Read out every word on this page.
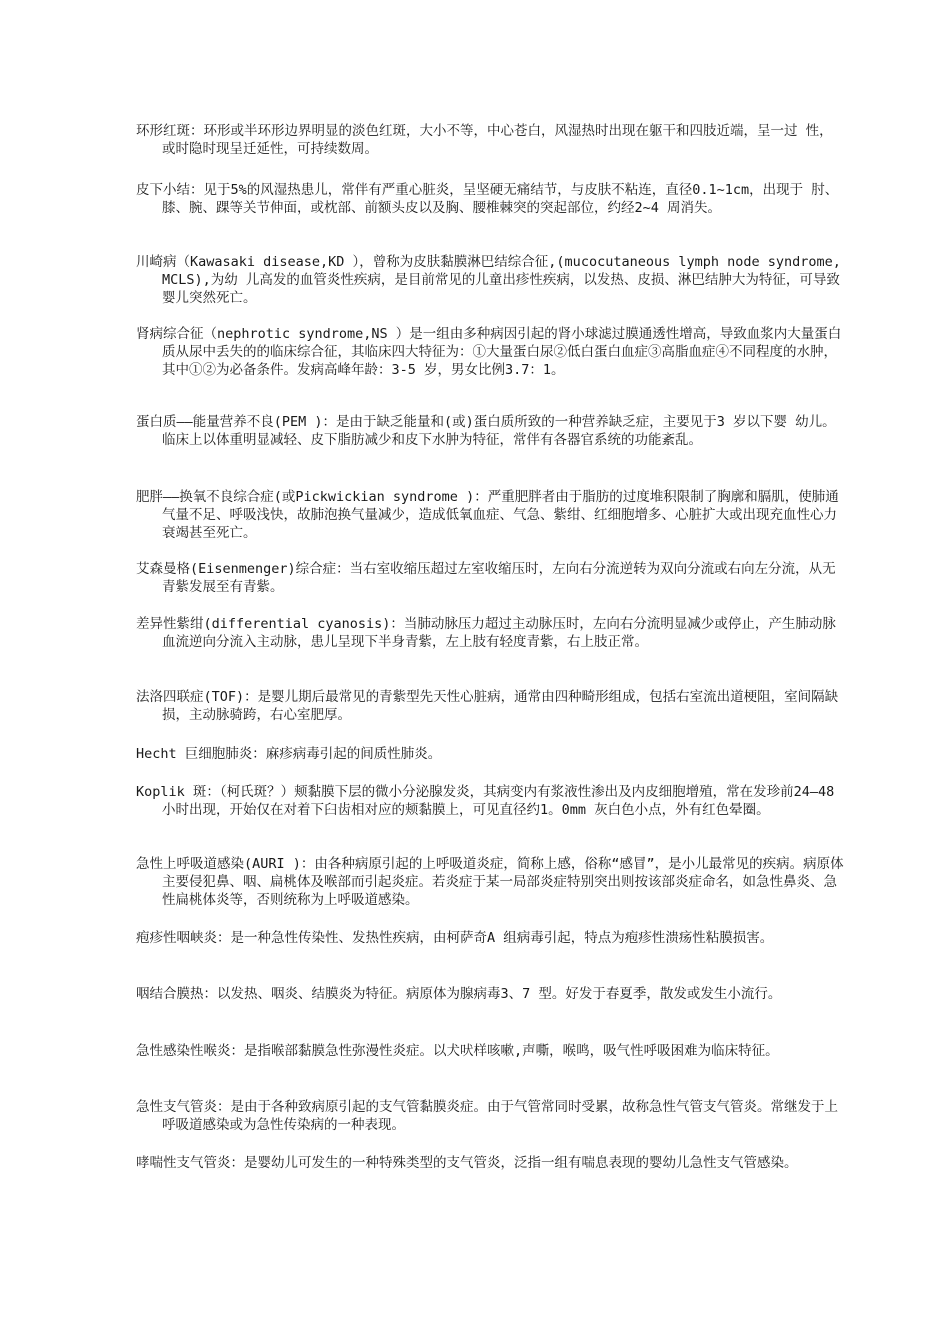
环形红斑：环形或半环形边界明显的淡色红斑，大小不等，中心苍白，风湿热时出现在躯干和四肢近端，呈一过 性，或时隐时现呈迁延性，可持续数周。

皮下小结：见于5%的风湿热患儿，常伴有严重心脏炎，呈坚硬无痛结节，与皮肤不粘连，直径0.1~1cm，出现于 肘、膝、腕、踝等关节伸面，或枕部、前额头皮以及胸、腰椎棘突的突起部位，约经2~4 周消失。

川崎病（Kawasaki disease,KD ），曾称为皮肤黏膜淋巴结综合征,(mucocutaneous lymph node syndrome,MCLS),为幼 儿高发的血管炎性疾病，是目前常见的儿童出疹性疾病，以发热、皮损、淋巴结肿大为特征，可导致婴儿突然死亡。

肾病综合征（nephrotic syndrome,NS ）是一组由多种病因引起的肾小球滤过膜通透性增高，导致血浆内大量蛋白质从尿中丢失的的临床综合征，其临床四大特征为：①大量蛋白尿②低白蛋白血症③高脂血症④不同程度的水肿，其中①②为必备条件。发病高峰年龄：3-5 岁，男女比例3.7：1。

蛋白质——能量营养不良(PEM )：是由于缺乏能量和(或)蛋白质所致的一种营养缺乏症，主要见于3 岁以下婴 幼儿。临床上以体重明显减轻、皮下脂肪减少和皮下水肿为特征，常伴有各器官系统的功能紊乱。

肥胖——换氧不良综合症(或Pickwickian syndrome )：严重肥胖者由于脂肪的过度堆积限制了胸廓和膈肌，使肺通气量不足、呼吸浅快，故肺泡换气量减少，造成低氧血症、气急、紫绀、红细胞增多、心脏扩大或出现充血性心力衰竭甚至死亡。

艾森曼格(Eisenmenger)综合症：当右室收缩压超过左室收缩压时，左向右分流逆转为双向分流或右向左分流，从无青紫发展至有青紫。

差异性紫绀(differential cyanosis)：当肺动脉压力超过主动脉压时，左向右分流明显减少或停止，产生肺动脉血流逆向分流入主动脉，患儿呈现下半身青紫，左上肢有轻度青紫，右上肢正常。

法洛四联症(TOF)：是婴儿期后最常见的青紫型先天性心脏病，通常由四种畸形组成，包括右室流出道梗阻，室间隔缺损，主动脉骑跨，右心室肥厚。

Hecht 巨细胞肺炎：麻疹病毒引起的间质性肺炎。

Koplik 斑：（柯氏斑？）颊黏膜下层的微小分泌腺发炎，其病变内有浆液性渗出及内皮细胞增殖，常在发珍前24—48 小时出现，开始仅在对着下臼齿相对应的颊黏膜上，可见直径约1。0mm 灰白色小点，外有红色晕圈。

急性上呼吸道感染(AURI )：由各种病原引起的上呼吸道炎症，简称上感，俗称“感冒”，是小儿最常见的疾病。病原体主要侵犯鼻、咽、扁桃体及喉部而引起炎症。若炎症于某一局部炎症特别突出则按该部炎症命名，如急性鼻炎、急性扁桃体炎等，否则统称为上呼吸道感染。

疱疹性咽峡炎：是一种急性传染性、发热性疾病，由柯萨奇A 组病毒引起，特点为疱疹性溃疡性粘膜损害。

咽结合膜热：以发热、咽炎、结膜炎为特征。病原体为腺病毒3、7 型。好发于春夏季，散发或发生小流行。

急性感染性喉炎：是指喉部黏膜急性弥漫性炎症。以犬吠样咳嗽,声嘶，喉鸣，吸气性呼吸困难为临床特征。

急性支气管炎：是由于各种致病原引起的支气管黏膜炎症。由于气管常同时受累，故称急性气管支气管炎。常继发于上呼吸道感染或为急性传染病的一种表现。

哮喘性支气管炎：是婴幼儿可发生的一种特殊类型的支气管炎，泛指一组有喘息表现的婴幼儿急性支气管感染。
